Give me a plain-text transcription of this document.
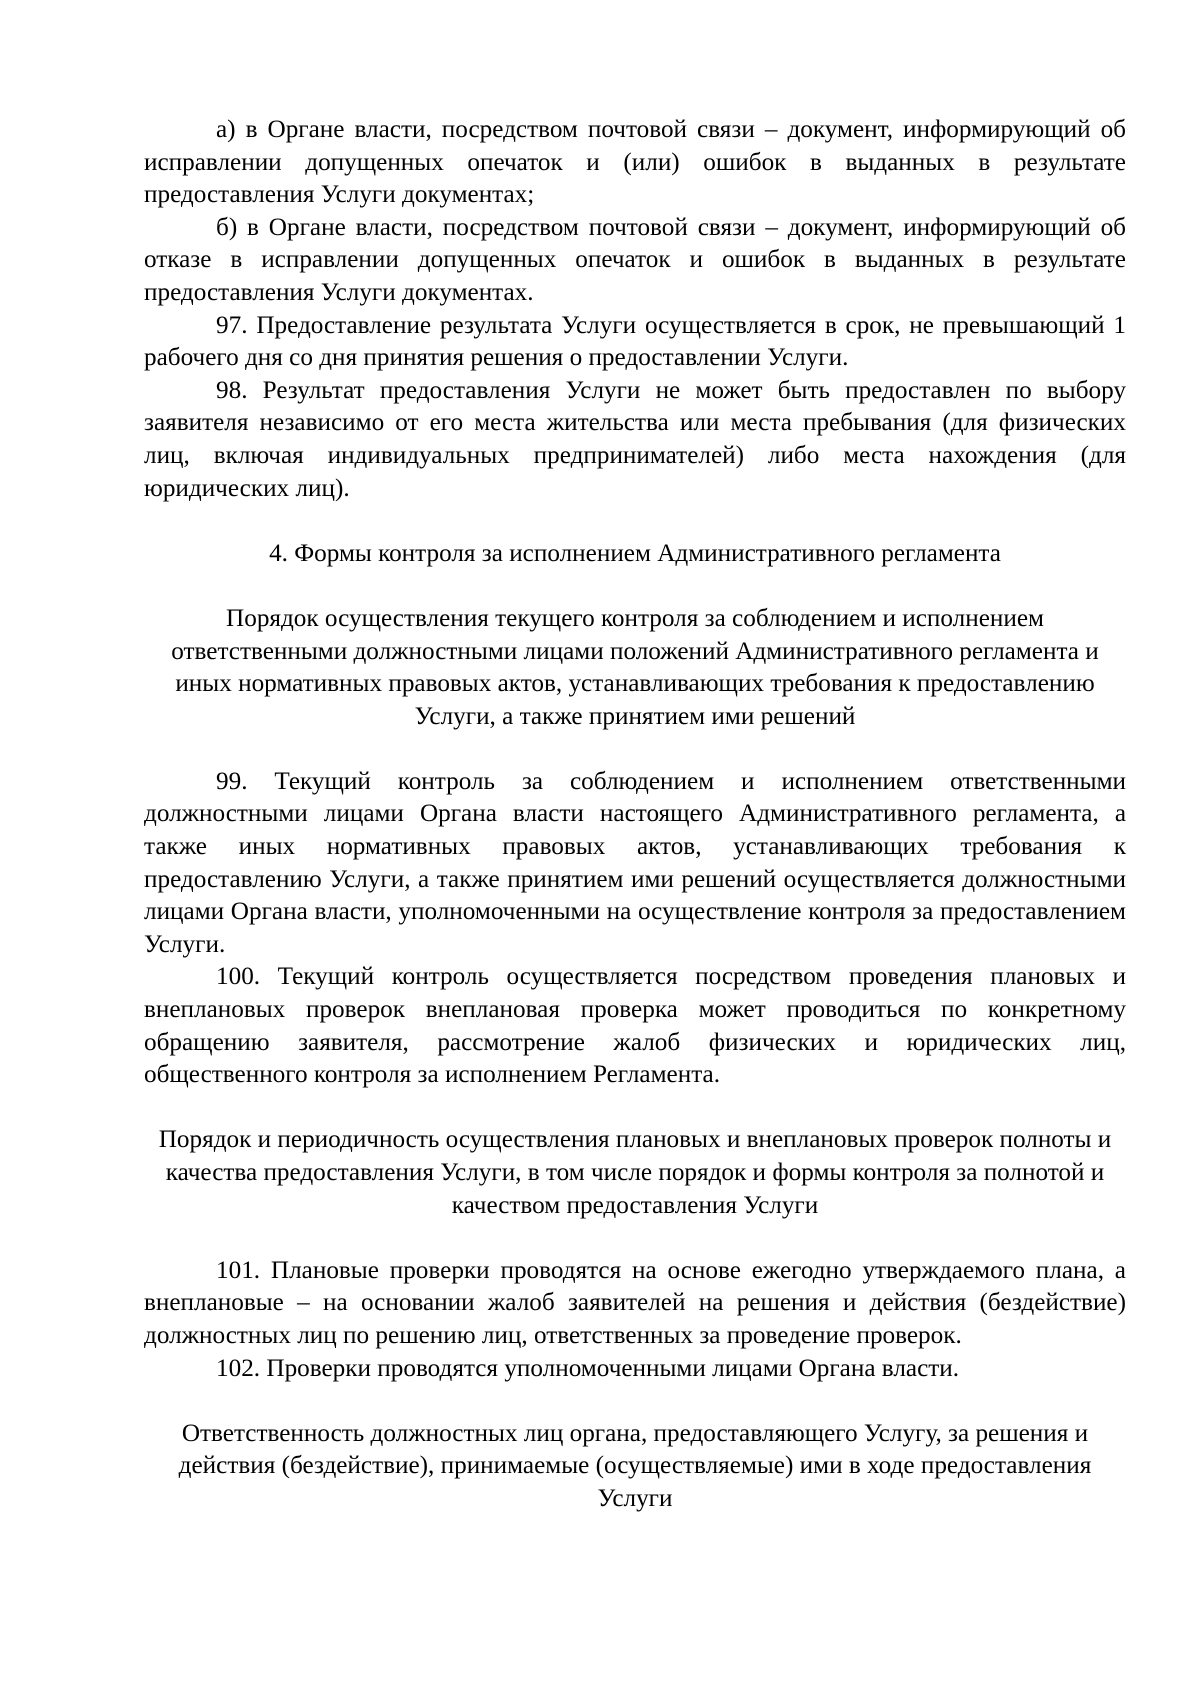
а) в Органе власти, посредством почтовой связи – документ, информирующий об исправлении допущенных опечаток и (или) ошибок в выданных в результате предоставления Услуги документах;

б) в Органе власти, посредством почтовой связи – документ, информирующий об отказе в исправлении допущенных опечаток и ошибок в выданных в результате предоставления Услуги документах.

97. Предоставление результата Услуги осуществляется в срок, не превышающий 1 рабочего дня со дня принятия решения о предоставлении Услуги.

98. Результат предоставления Услуги не может быть предоставлен по выбору заявителя независимо от его места жительства или места пребывания (для физических лиц, включая индивидуальных предпринимателей) либо места нахождения (для юридических лиц).

4. Формы контроля за исполнением Административного регламента

Порядок осуществления текущего контроля за соблюдением и исполнением ответственными должностными лицами положений Административного регламента и иных нормативных правовых актов, устанавливающих требования к предоставлению Услуги, а также принятием ими решений

99. Текущий контроль за соблюдением и исполнением ответственными должностными лицами Органа власти настоящего Административного регламента, а также иных нормативных правовых актов, устанавливающих требования к предоставлению Услуги, а также принятием ими решений осуществляется должностными лицами Органа власти, уполномоченными на осуществление контроля за предоставлением Услуги.

100. Текущий контроль осуществляется посредством проведения плановых и внеплановых проверок внеплановая проверка может проводиться по конкретному обращению заявителя, рассмотрение жалоб физических и юридических лиц, общественного контроля за исполнением Регламента.

Порядок и периодичность осуществления плановых и внеплановых проверок полноты и качества предоставления Услуги, в том числе порядок и формы контроля за полнотой и качеством предоставления Услуги

101. Плановые проверки проводятся на основе ежегодно утверждаемого плана, а внеплановые – на основании жалоб заявителей на решения и действия (бездействие) должностных лиц по решению лиц, ответственных за проведение проверок.

102. Проверки проводятся уполномоченными лицами Органа власти.

Ответственность должностных лиц органа, предоставляющего Услугу, за решения и действия (бездействие), принимаемые (осуществляемые) ими в ходе предоставления Услуги
